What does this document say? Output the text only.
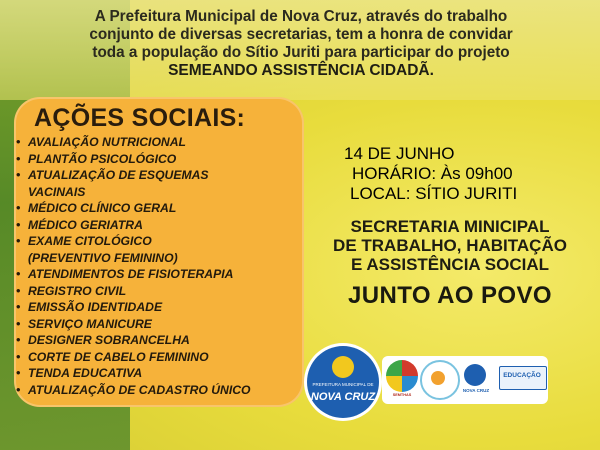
A Prefeitura Municipal de Nova Cruz, através do trabalho
conjunto de diversas secretarias, tem a honra de convidar
toda a população do Sítio Juriti para participar do projeto
SEMEANDO ASSISTÊNCIA CIDADÃ.
AÇÕES SOCIAIS:
• AVALIAÇÃO NUTRICIONAL
• PLANTÃO PSICOLÓGICO
• ATUALIZAÇÃO DE ESQUEMAS
VACINAIS
• MÉDICO CLÍNICO GERAL
• MÉDICO GERIATRA
• EXAME CITOLÓGICO
(PREVENTIVO FEMININO)
• ATENDIMENTOS DE FISIOTERAPIA
• REGISTRO CIVIL
• EMISSÃO IDENTIDADE
• SERVIÇO MANICURE
• DESIGNER SOBRANCELHA
• CORTE DE CABELO FEMININO
• TENDA EDUCATIVA
• ATUALIZAÇÃO DE CADASTRO ÚNICO
14 DE JUNHO
HORÁRIO: Às 09h00
LOCAL: SÍTIO JURITI
SECRETARIA MINICIPAL
DE TRABALHO, HABITAÇÃO
E ASSISTÊNCIA SOCIAL
JUNTO AO POVO
PREFEITURA MUNICIPAL DE
NOVA CRUZ	SEMTHAS
NOVA CRUZ
EDUCAÇÃO
